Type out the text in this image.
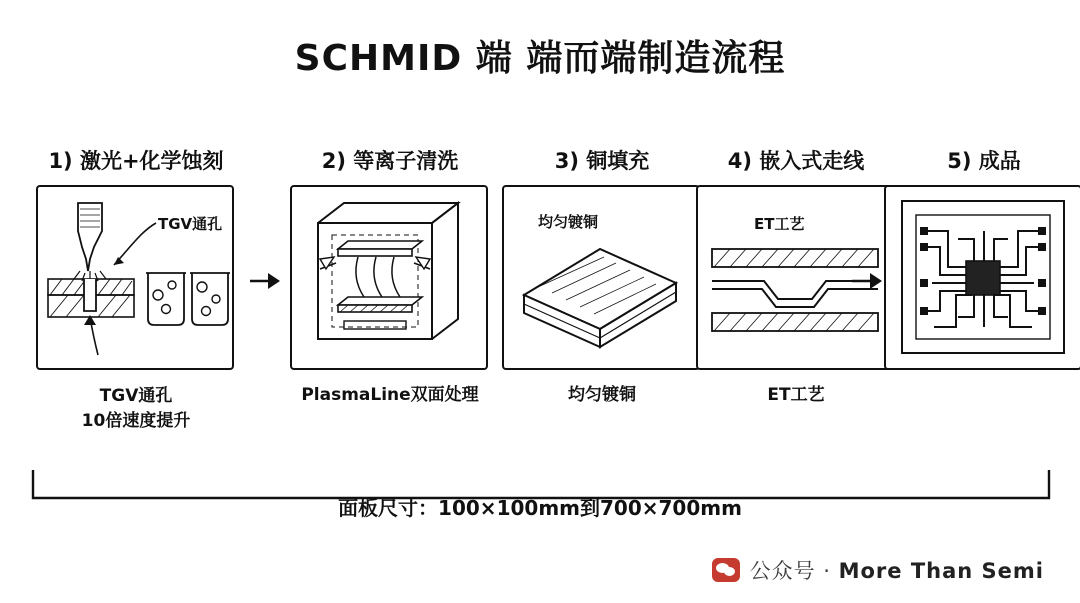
SCHMID 端 端而端制造流程
1) 激光+化学蚀刻
TGV通孔
TGV通孔
10倍速度提升
2) 等离子清洗
PlasmaLine双面处理
3) 铜填充
均匀镀铜
均匀镀铜
4) 嵌入式走线
ET工艺
ET工艺
5) 成品
面板尺寸：100×100mm到700×700mm
公众号 · More Than Semi
